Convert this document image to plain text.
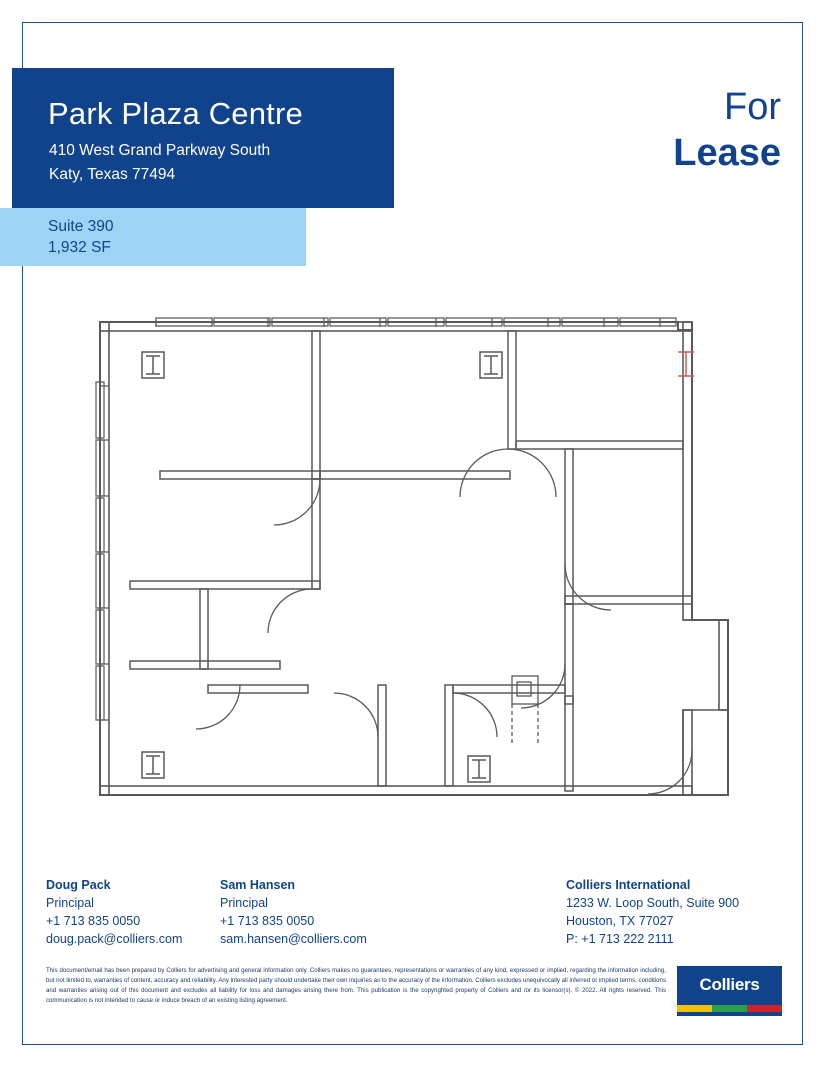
Park Plaza Centre
410 West Grand Parkway South
Katy, Texas 77494
Suite 390
1,932 SF
For
Lease
Doug Pack
Principal
+1 713 835 0050
doug.pack@colliers.com
Sam Hansen
Principal
+1 713 835 0050
sam.hansen@colliers.com
Colliers International
1233 W. Loop South, Suite 900
Houston, TX 77027
P: +1 713 222 2111
This document/email has been prepared by Colliers for advertising and general information only. Colliers makes no guarantees, representations or warranties of any kind, expressed or implied, regarding the information including, but not limited to, warranties of content, accuracy and reliability. Any interested party should undertake their own inquiries as to the accuracy of the information. Colliers excludes unequivocally all inferred or implied terms, conditions and warranties arising out of this document and excludes all liability for loss and damages arising there from. This publication is the copyrighted property of Colliers and /or its licensor(s). © 2022. All rights reserved. This communication is not intended to cause or induce breach of an existing listing agreement.
Colliers
